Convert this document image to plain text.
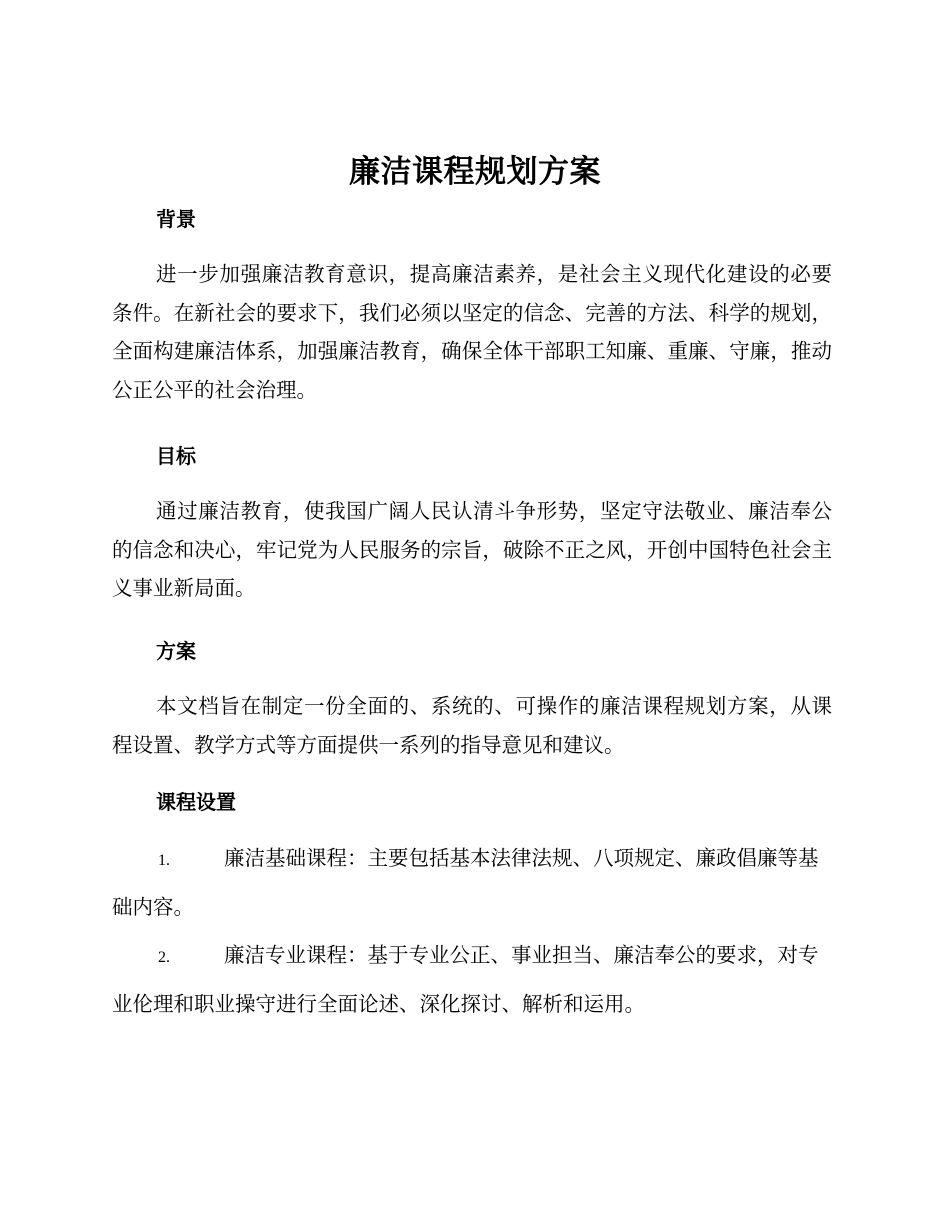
廉洁课程规划方案
背景
进一步加强廉洁教育意识，提高廉洁素养，是社会主义现代化建设的必要条件。在新社会的要求下，我们必须以坚定的信念、完善的方法、科学的规划，全面构建廉洁体系，加强廉洁教育，确保全体干部职工知廉、重廉、守廉，推动公正公平的社会治理。
目标
通过廉洁教育，使我国广阔人民认清斗争形势，坚定守法敬业、廉洁奉公的信念和决心，牢记党为人民服务的宗旨，破除不正之风，开创中国特色社会主义事业新局面。
方案
本文档旨在制定一份全面的、系统的、可操作的廉洁课程规划方案，从课程设置、教学方式等方面提供一系列的指导意见和建议。
课程设置
1.	廉洁基础课程：主要包括基本法律法规、八项规定、廉政倡廉等基础内容。
2.	廉洁专业课程：基于专业公正、事业担当、廉洁奉公的要求，对专业伦理和职业操守进行全面论述、深化探讨、解析和运用。
